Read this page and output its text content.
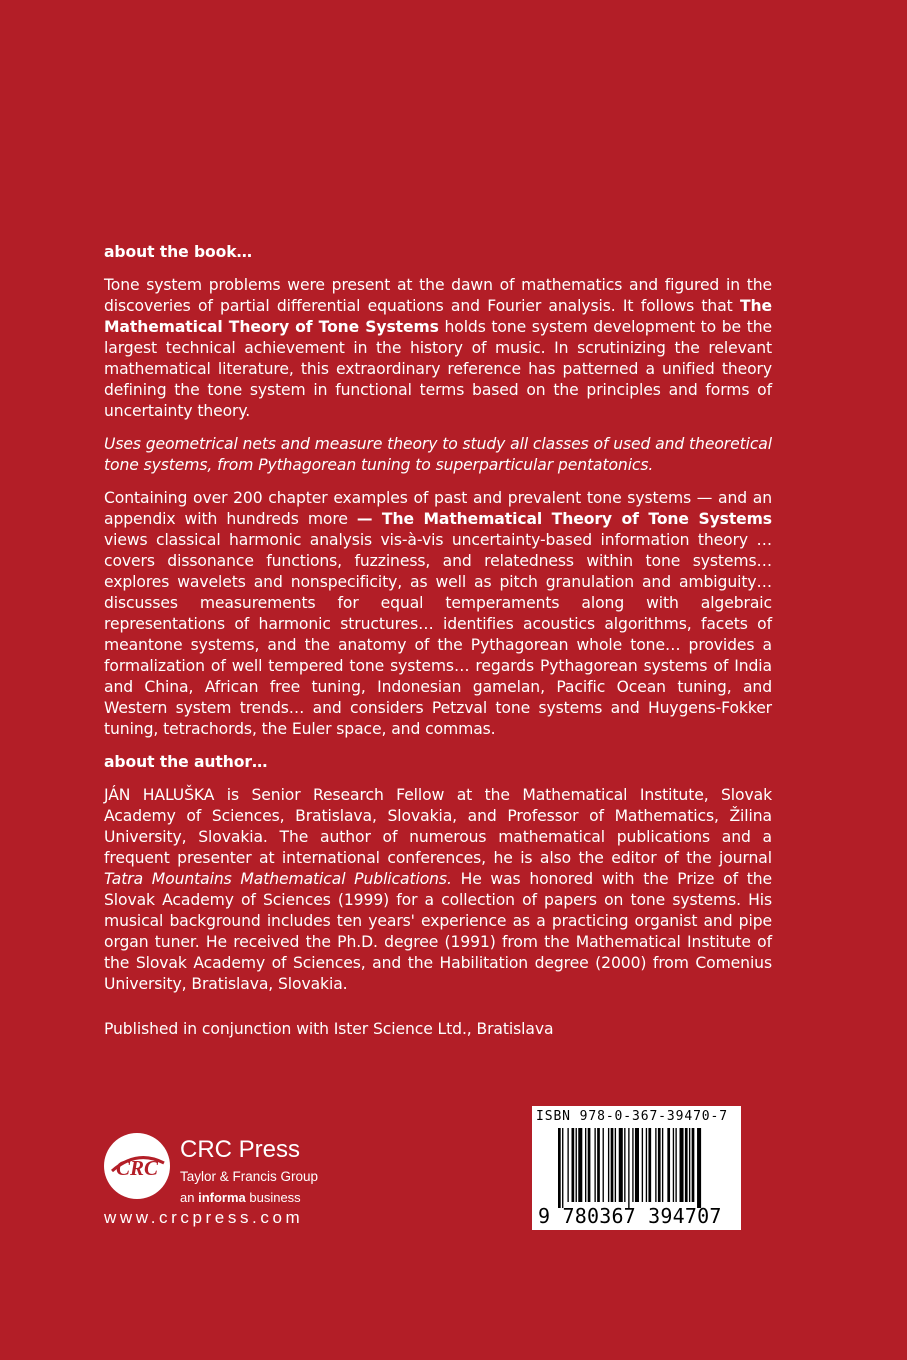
about the book…

Tone system problems were present at the dawn of mathematics and figured in the discoveries of partial differential equations and Fourier analysis. It follows that The Mathematical Theory of Tone Systems holds tone system development to be the largest technical achievement in the history of music. In scrutinizing the relevant mathematical literature, this extraordinary reference has patterned a unified theory defining the tone system in functional terms based on the principles and forms of uncertainty theory.

Uses geometrical nets and measure theory to study all classes of used and theoretical tone systems, from Pythagorean tuning to superparticular pentatonics.

Containing over 200 chapter examples of past and prevalent tone systems — and an appendix with hundreds more — The Mathematical Theory of Tone Systems views classical harmonic analysis vis-à-vis uncertainty-based information theory … covers dissonance functions, fuzziness, and relatedness within tone systems… explores wavelets and nonspecificity, as well as pitch granulation and ambiguity… discusses measurements for equal temperaments along with algebraic representations of harmonic structures… identifies acoustics algorithms, facets of meantone systems, and the anatomy of the Pythagorean whole tone… provides a formalization of well tempered tone systems… regards Pythagorean systems of India and China, African free tuning, Indonesian gamelan, Pacific Ocean tuning, and Western system trends… and considers Petzval tone systems and Huygens-Fokker tuning, tetrachords, the Euler space, and commas.

about the author…

JÁN HALUŠKA is Senior Research Fellow at the Mathematical Institute, Slovak Academy of Sciences, Bratislava, Slovakia, and Professor of Mathematics, Žilina University, Slovakia. The author of numerous mathematical publications and a frequent presenter at international conferences, he is also the editor of the journal Tatra Mountains Mathematical Publications. He was honored with the Prize of the Slovak Academy of Sciences (1999) for a collection of papers on tone systems. His musical background includes ten years' experience as a practicing organist and pipe organ tuner. He received the Ph.D. degree (1991) from the Mathematical Institute of the Slovak Academy of Sciences, and the Habilitation degree (2000) from Comenius University, Bratislava, Slovakia.

Published in conjunction with Ister Science Ltd., Bratislava

CRC
CRC Press
Taylor & Francis Group
an informa business
www.crcpress.com
ISBN 978-0-367-39470-7
9 780367 394707
